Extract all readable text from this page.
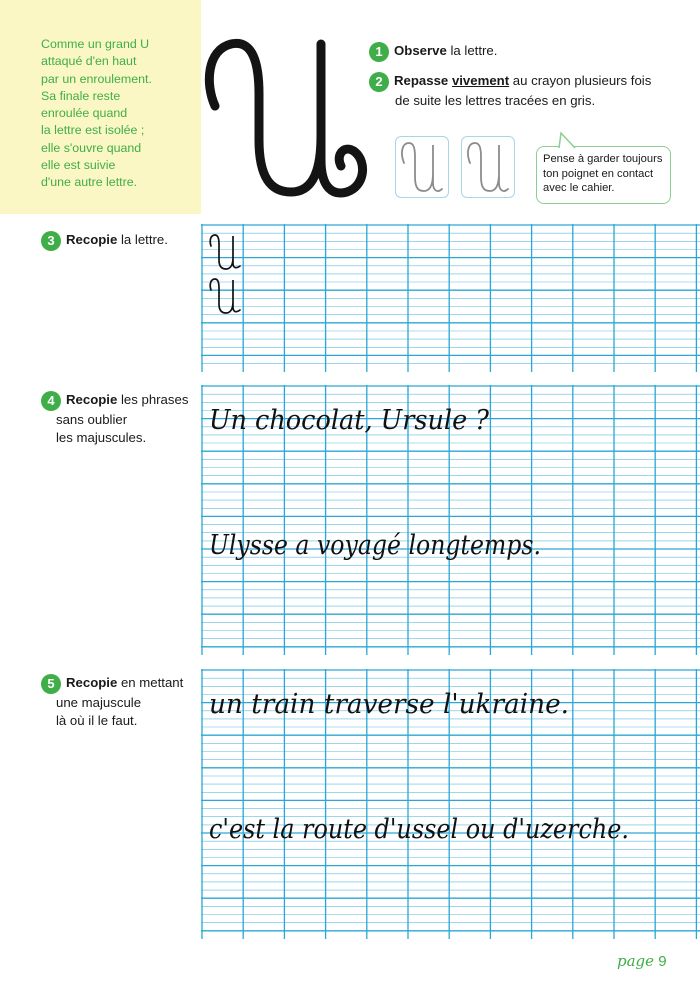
Comme un grand U
attaqué d'en haut
par un enroulement.
Sa finale reste
enroulée quand
la lettre est isolée ;
elle s'ouvre quand
elle est suivie
d'une autre lettre.
1 Observe la lettre.
2 Repasse vivement au crayon plusieurs fois
de suite les lettres tracées en gris.
Pense à garder toujours
ton poignet en contact
avec le cahier.
3 Recopie la lettre.
4 Recopie les phrases
sans oublier
les majuscules.
Un chocolat, Ursule ?
Ulysse a voyagé longtemps.
5 Recopie en mettant
une majuscule
là où il le faut.
un train traverse l'ukraine.
c'est la route d'ussel ou d'uzerche.
page 9
